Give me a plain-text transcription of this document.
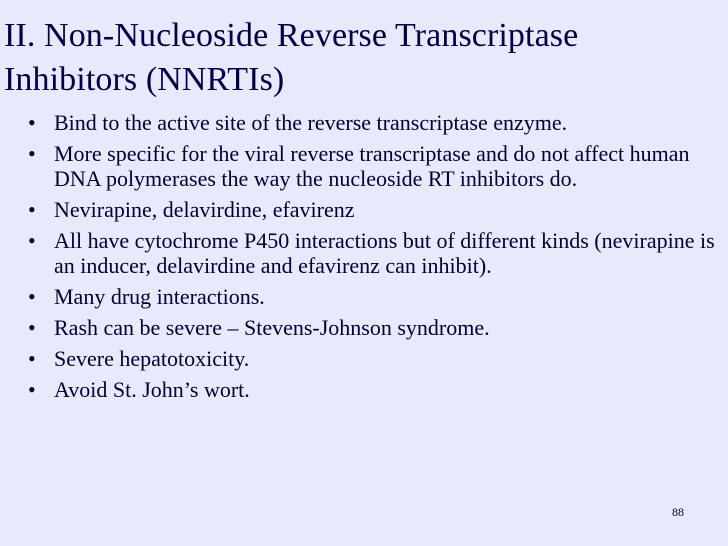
II. Non-Nucleoside Reverse Transcriptase Inhibitors (NNRTIs)
• Bind to the active site of the reverse transcriptase enzyme.
• More specific for the viral reverse transcriptase and do not affect human DNA polymerases the way the nucleoside RT inhibitors do.
• Nevirapine, delavirdine, efavirenz
• All have cytochrome P450 interactions but of different kinds (nevirapine is an inducer, delavirdine and efavirenz can inhibit).
• Many drug interactions.
• Rash can be severe – Stevens-Johnson syndrome.
• Severe hepatotoxicity.
• Avoid St. John’s wort.
88
